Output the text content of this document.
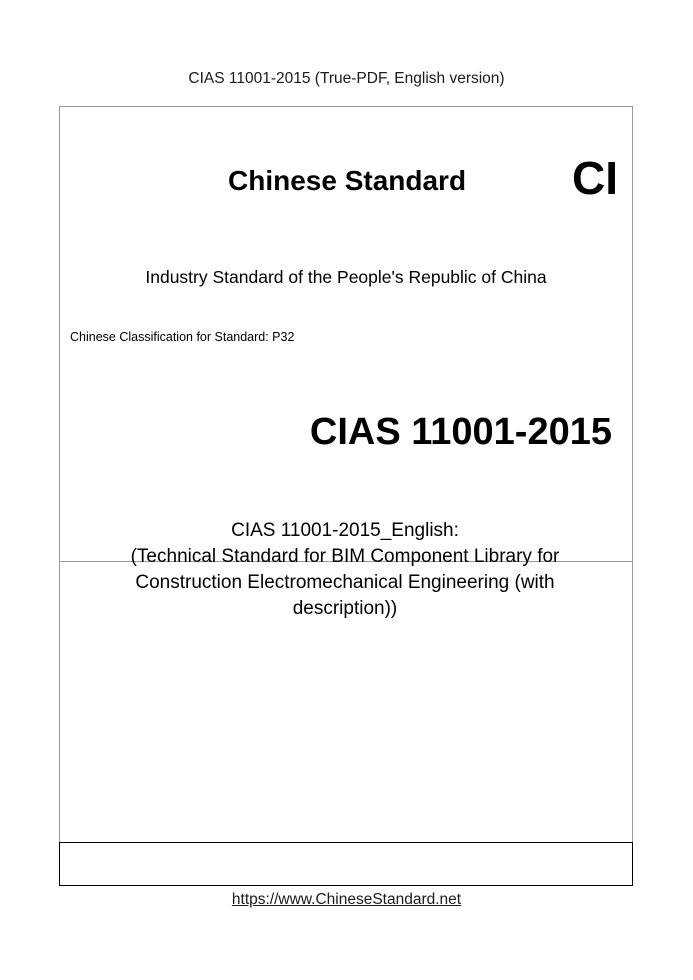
CIAS 11001-2015 (True-PDF, English version)
Chinese Standard CI
Industry Standard of the People's Republic of China
Chinese Classification for Standard: P32
CIAS 11001-2015
CIAS 11001-2015_English:
(Technical Standard for BIM Component Library for
Construction Electromechanical Engineering (with
description))
https://www.ChineseStandard.net
